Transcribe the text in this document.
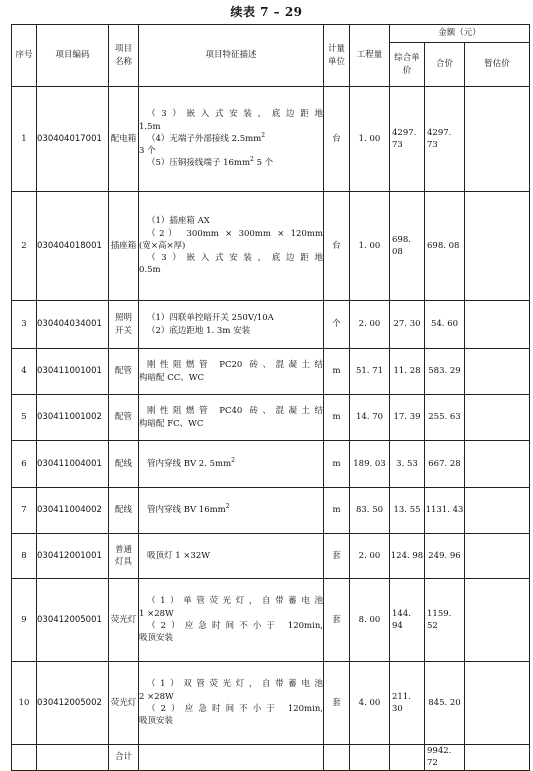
续表 7 – 29
序号	项目编码	项目名称	项目特征描述	计量单位	工程量	金额（元）		
						综合单价	合价	暂估价
1	030404017001	配电箱	（3）嵌入式安装，底边距地
1.5m
（4）无端子外部接线 $2.5mm^2$
3 个
（5）压铜接线端子 $16mm^2$ 5 个	台	1. 00	4297. 73	4297. 73	
2	030404018001	插座箱	（1）插座箱 AX
（2） 300mm × 300mm × 120mm
(宽×高×厚)
（3）嵌入式安装，底边距地
0.5m	台	1. 00	698. 08	698. 08	
3	030404034001	照明开关	（1）四联单控暗开关 250V/10A
（2）底边距地 1. 3m 安装	个	2. 00	27. 30	54. 60	
4	030411001001	配管	刚性阻燃管 PC20 砖、混凝土结
构暗配 CC、WC	m	51. 71	11. 28	583. 29	
5	030411001002	配管	刚性阻燃管 PC40 砖、混凝土结
构暗配 FC、WC	m	14. 70	17. 39	255. 63	
6	030411004001	配线	管内穿线 BV 2. $5mm^2$	m	189. 03	3. 53	667. 28	
7	030411004002	配线	管内穿线 BV $16mm^2$	m	83. 50	13. 55	1131. 43	
8	030412001001	普通灯具	吸顶灯 1 ×32W	套	2. 00	124. 98	249. 96	
9	030412005001	荧光灯	（1）单管荧光灯，自带蓄电池
1 ×28W
（2）应急时间不小于 120min,
吸顶安装	套	8. 00	144. 94	1159. 52	
10	030412005002	荧光灯	（1）双管荧光灯，自带蓄电池
2 ×28W
（2）应急时间不小于 120min,
吸顶安装	套	4. 00	211. 30	845. 20	
		合计					9942. 72	
